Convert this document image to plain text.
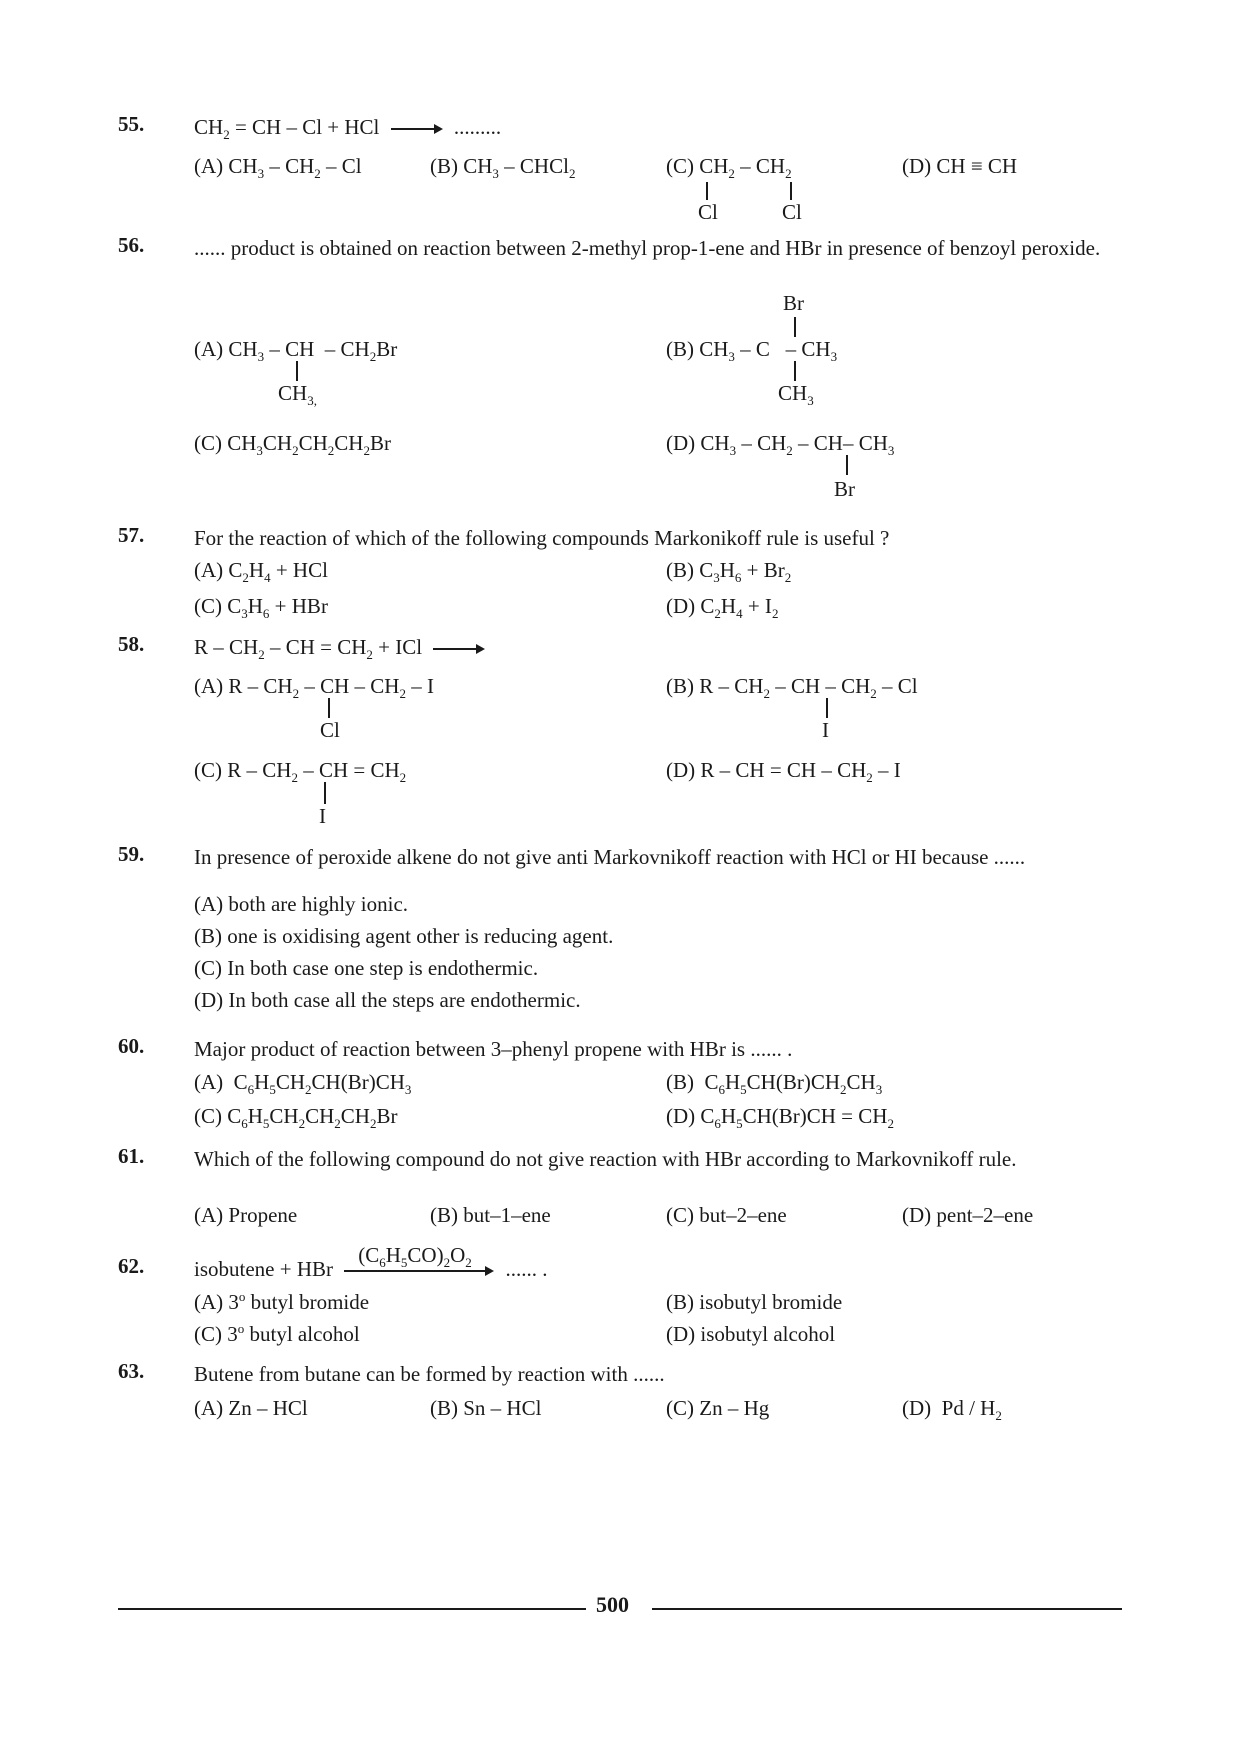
55.	$CH_2$ = CH – Cl + HCl	.........
(A) $CH_3 - CH_2$ – Cl	(B) $CH_3$ – CHCl$_2$	(C) $CH_2 - CH_2$
Cl	Cl
(D) CH ≡ CH
56.	...... product is obtained on reaction between 2-methyl prop-1-ene and HBr in presence of benzoyl peroxide.
(A) $CH_3$ – CH  – $CH_2Br$
$CH_{3,}$
Br
(B) $CH_3$ – C   – $CH_3$
$CH_3$
(C) $CH_3CH_2CH_2CH_2Br$	(D) $CH_3 - CH_2 - CH-$ $CH_3$
Br
57.	For the reaction of which of the following compounds Markonikoff rule is useful ?
(A) $C_2H_4$ + HCl	(B) $C_3H_6 + Br_2$
(C) $C_3H_6$ + HBr	(D) $C_2H_4 + I_2$
58.	R – $CH_2$ – CH = $CH_2$ + ICl
(A) R – $CH_2$ – CH – $CH_2$ – I
Cl
(B) R – $CH_2$ – CH – $CH_2$ – Cl
I
(C) R – $CH_2$ – CH = $CH_2$
I
(D) R – CH = CH – $CH_2$ – I
59.	In presence of peroxide alkene do not give anti Markovnikoff reaction with HCl or HI because ......
(A) both are highly ionic.
(B) one is oxidising agent other is reducing agent.
(C) In both case one step is endothermic.
(D) In both case all the steps are endothermic.
60.	Major product of reaction between 3–phenyl propene with HBr is ...... .
(A)  $C_6H_5CH_2CH(Br)CH_3$	(B)  $C_6H_5CH(Br)CH_2CH_3$
(C) $C_6H_5CH_2CH_2CH_2Br$	(D) $C_6H_5CH(Br)CH = CH_2$
61.	Which of the following compound do not give reaction with HBr according to Markovnikoff rule.
(A) Propene	(B) but–1–ene	(C) but–2–ene	(D) pent–2–ene
62.	isobutene + HBr
$(C_6H_5CO)_2O_2$ ...... .
(A) 3$^o$ butyl bromide	(B) isobutyl bromide
(C) 3$^o$ butyl alcohol	(D) isobutyl alcohol
63.	Butene from butane can be formed by reaction with ......
(A) Zn – HCl	(B) Sn – HCl	(C) Zn – Hg	(D)  Pd / $H_2$
500
